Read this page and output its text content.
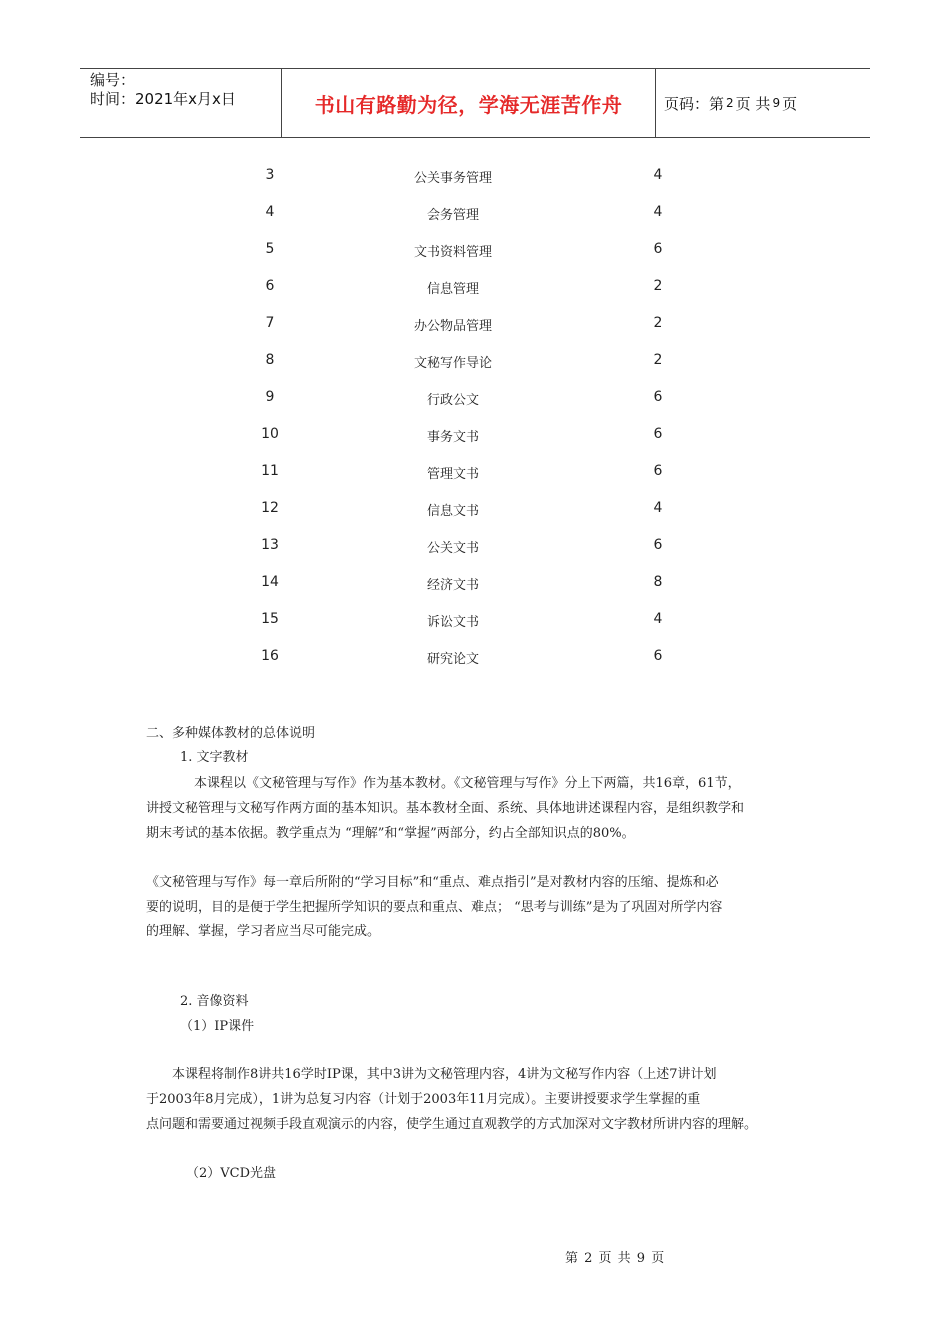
编号：
时间：2021年x月x日	书山有路勤为径，学海无涯苦作舟	页码：第 2 页 共 9 页
3	公关事务管理	4
4	会务管理	4
5	文书资料管理	6
6	信息管理	2
7	办公物品管理	2
8	文秘写作导论	2
9	行政公文	6
10	事务文书	6
11	管理文书	6
12	信息文书	4
13	公关文书	6
14	经济文书	8
15	诉讼文书	4
16	研究论文	6
二、多种媒体教材的总体说明
1. 文字教材
本课程以《文秘管理与写作》作为基本教材。《文秘管理与写作》分上下两篇，共16章，61节，
讲授文秘管理与文秘写作两方面的基本知识。基本教材全面、系统、具体地讲述课程内容，是组织教学和
期末考试的基本依据。教学重点为 “理解”和“掌握”两部分，约占全部知识点的80%。
《文秘管理与写作》每一章后所附的“学习目标”和“重点、难点指引”是对教材内容的压缩、提炼和必
要的说明，目的是便于学生把握所学知识的要点和重点、难点； “思考与训练”是为了巩固对所学内容
的理解、掌握，学习者应当尽可能完成。
2. 音像资料
（1）IP课件
本课程将制作8讲共16学时IP课，其中3讲为文秘管理内容，4讲为文秘写作内容（上述7讲计划
于2003年8月完成），1讲为总复习内容（计划于2003年11月完成）。主要讲授要求学生掌握的重
点问题和需要通过视频手段直观演示的内容，使学生通过直观教学的方式加深对文字教材所讲内容的理解。
（2）VCD光盘
第 2 页 共 9 页
